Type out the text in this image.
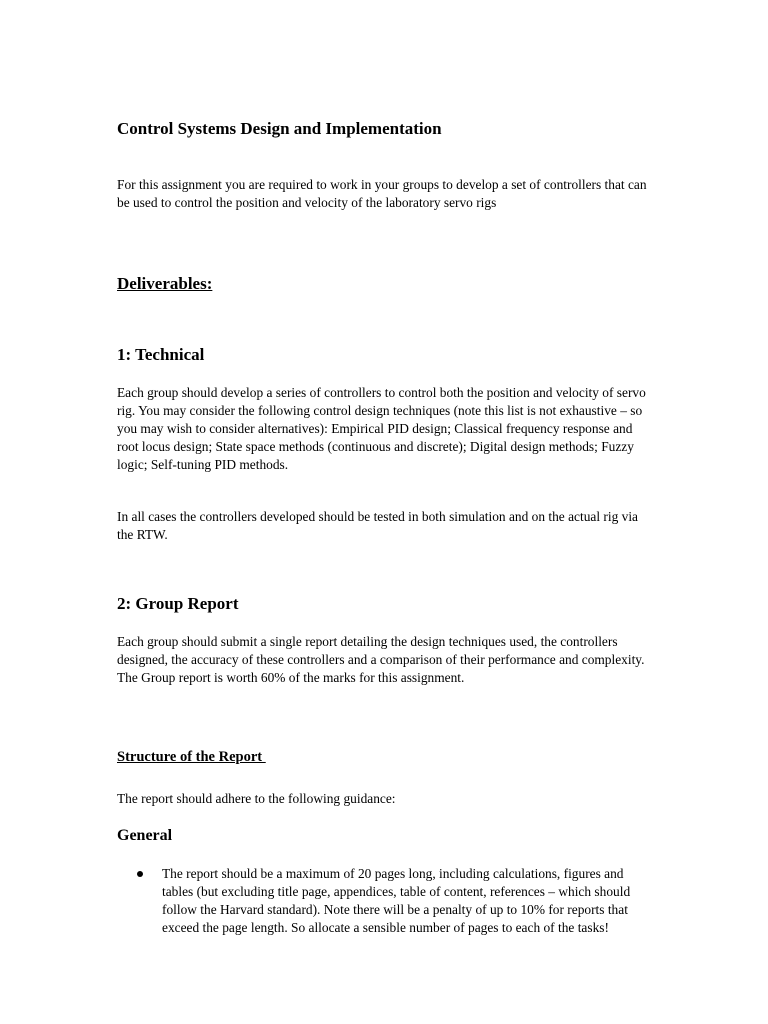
Control Systems Design and Implementation

For this assignment you are required to work in your groups to develop a set of controllers that can be used to control the position and velocity of the laboratory servo rigs

Deliverables:
1: Technical

Each group should develop a series of controllers to control both the position and velocity of servo rig. You may consider the following control design techniques (note this list is not exhaustive – so you may wish to consider alternatives): Empirical PID design; Classical frequency response and root locus design; State space methods (continuous and discrete); Digital design methods; Fuzzy logic; Self-tuning PID methods.

In all cases the controllers developed should be tested in both simulation and on the actual rig via the RTW.

2: Group Report

Each group should submit a single report detailing the design techniques used, the controllers designed, the accuracy of these controllers and a comparison of their performance and complexity. The Group report is worth 60% of the marks for this assignment.

Structure of the Report

The report should adhere to the following guidance:

General
The report should be a maximum of 20 pages long, including calculations, figures and tables (but excluding title page, appendices, table of content, references – which should follow the Harvard standard). Note there will be a penalty of up to 10% for reports that exceed the page length. So allocate a sensible number of pages to each of the tasks!
